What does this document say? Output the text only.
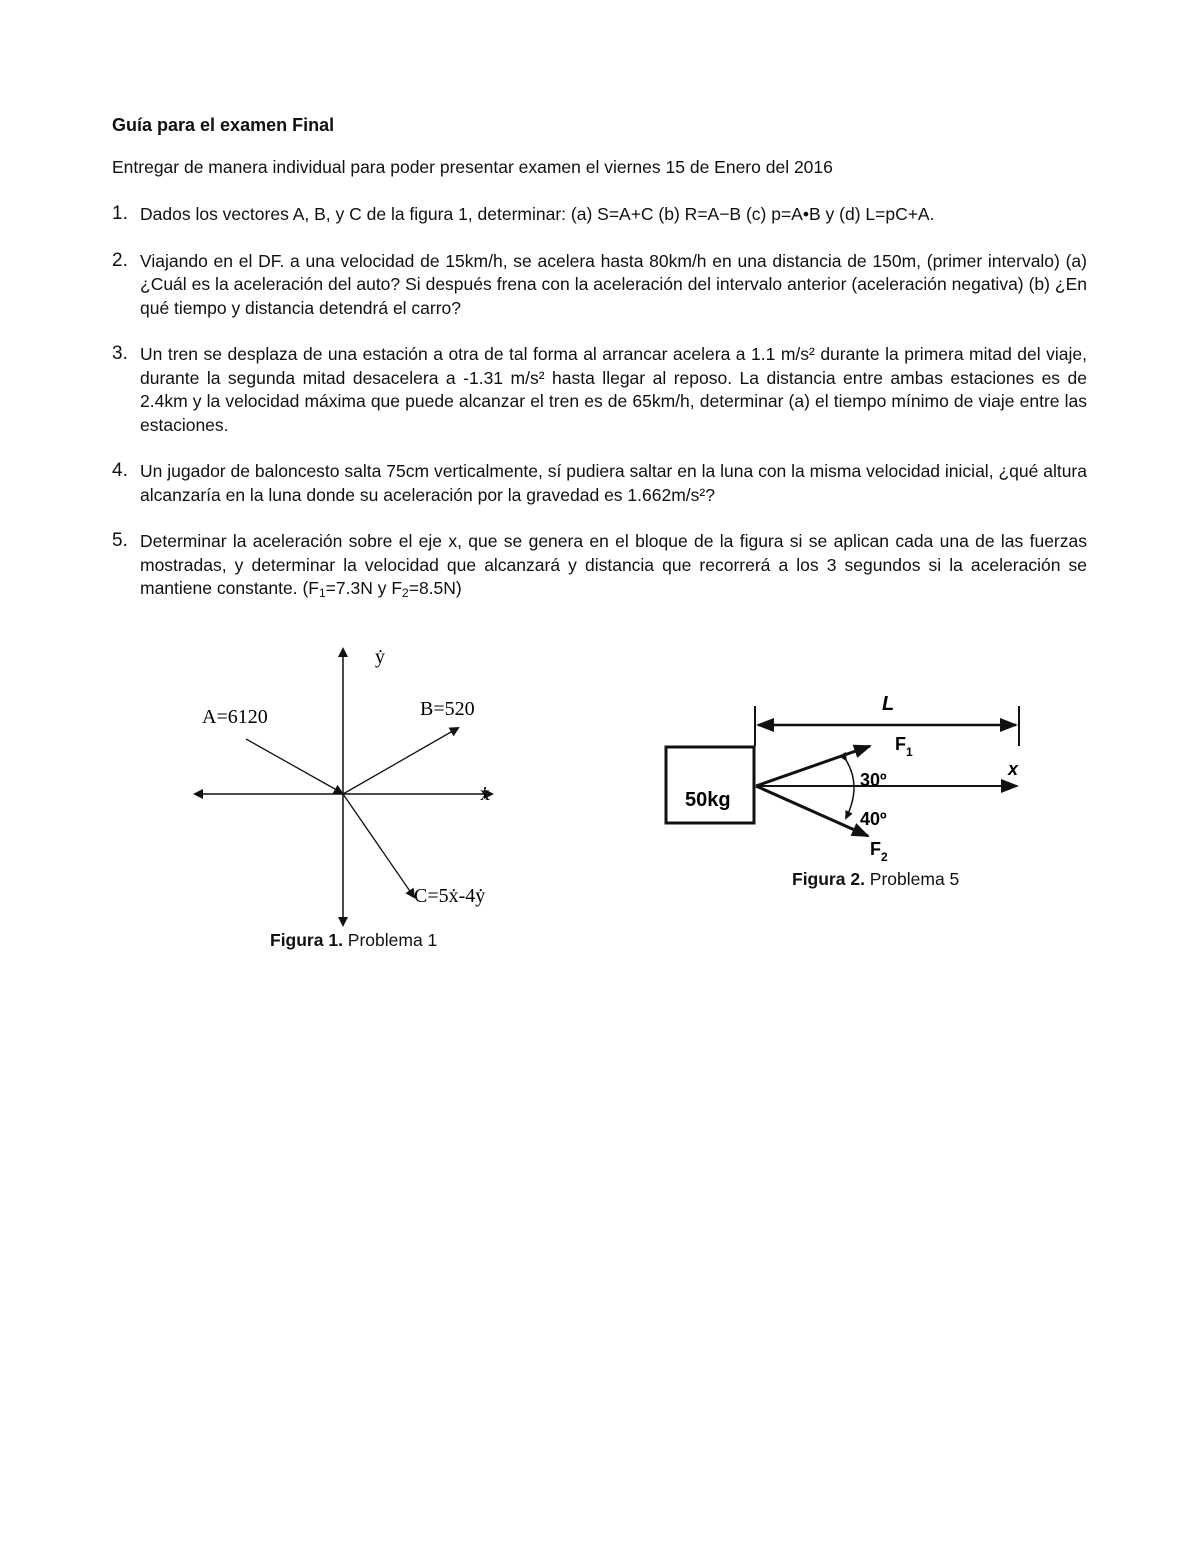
Guía para el examen Final

Entregar de manera individual para poder presentar examen el viernes 15 de Enero del 2016

1. Dados los vectores A, B, y C de la figura 1, determinar: (a) S=A+C (b) R=A−B (c) p=A•B y (d) L=pC+A.
2. Viajando en el DF. a una velocidad de 15km/h, se acelera hasta 80km/h en una distancia de 150m, (primer intervalo) (a) ¿Cuál es la aceleración del auto? Si después frena con la aceleración del intervalo anterior (aceleración negativa) (b) ¿En qué tiempo y distancia detendrá el carro?
3. Un tren se desplaza de una estación a otra de tal forma al arrancar acelera a 1.1 m/s² durante la primera mitad del viaje, durante la segunda mitad desacelera a -1.31 m/s² hasta llegar al reposo. La distancia entre ambas estaciones es de 2.4km y la velocidad máxima que puede alcanzar el tren es de 65km/h, determinar (a) el tiempo mínimo de viaje entre las estaciones.
4. Un jugador de baloncesto salta 75cm verticalmente, sí pudiera saltar en la luna con la misma velocidad inicial, ¿qué altura alcanzaría en la luna donde su aceleración por la gravedad es 1.662m/s²?
5. Determinar la aceleración sobre el eje x, que se genera en el bloque de la figura si se aplican cada una de las fuerzas mostradas, y determinar la velocidad que alcanzará y distancia que recorrerá a los 3 segundos si la aceleración se mantiene constante. (F1=7.3N y F2=8.5N)
ẏ
ẋ
A=6120	B=520
C=5ẋ-4ẏ
Figura 1. Problema 1
L
50kg
x
30º
40º
$F_1$
$F_2$
Figura 2. Problema 5
